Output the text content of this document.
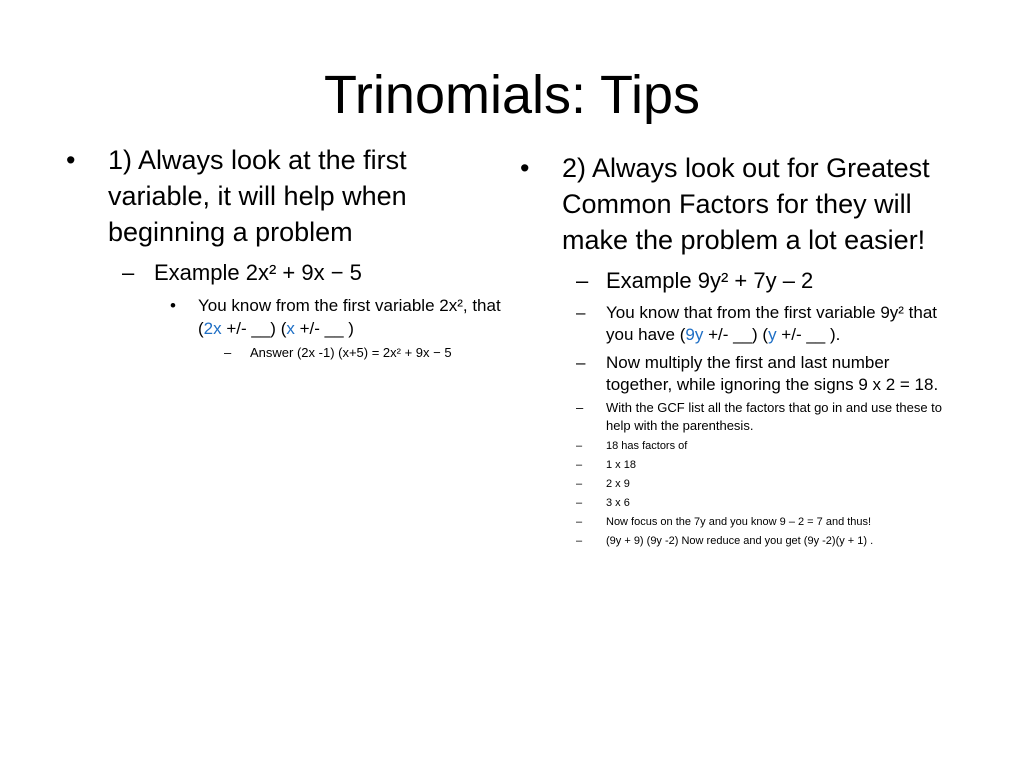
Trinomials: Tips
• 1) Always look at the first variable, it will help when beginning a problem
– Example 2x² + 9x − 5
• You know from the first variable 2x², that (2x +/- __) (x +/- __ )
– Answer (2x -1) (x+5) = 2x² + 9x − 5
• 2) Always look out for Greatest Common Factors for they will make the problem a lot easier!
– Example 9y² + 7y – 2
– You know that from the first variable 9y² that you have (9y +/- __) (y +/- __ ).
– Now multiply the first and last number together, while ignoring the signs 9 x 2 = 18.
– With the GCF list all the factors that go in and use these to help with the parenthesis.
– 18 has factors of
– 1 x 18
– 2 x 9
– 3 x 6
– Now focus on the 7y and you know 9 – 2 = 7 and thus!
– (9y + 9) (9y -2) Now reduce and you get (9y -2)(y + 1) .
